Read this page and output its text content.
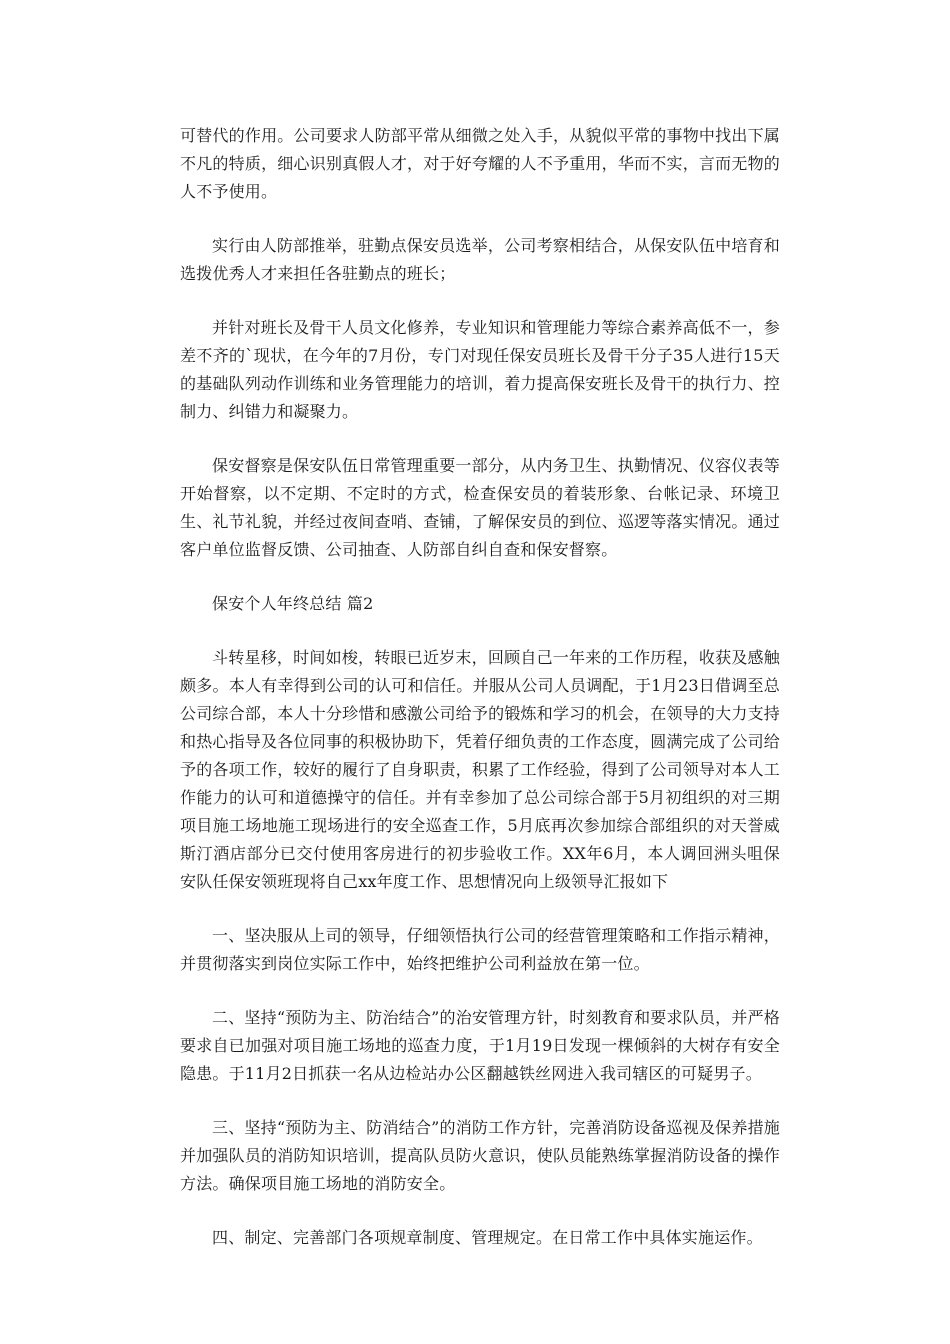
可替代的作用。公司要求人防部平常从细微之处入手，从貌似平常的事物中找出下属不凡的特质，细心识别真假人才，对于好夸耀的人不予重用，华而不实，言而无物的人不予使用。

实行由人防部推举，驻勤点保安员选举，公司考察相结合，从保安队伍中培育和选拨优秀人才来担任各驻勤点的班长；

并针对班长及骨干人员文化修养，专业知识和管理能力等综合素养高低不一，参差不齐的`现状，在今年的7月份，专门对现任保安员班长及骨干分子35人进行15天的基础队列动作训练和业务管理能力的培训，着力提高保安班长及骨干的执行力、控制力、纠错力和凝聚力。

保安督察是保安队伍日常管理重要一部分，从内务卫生、执勤情况、仪容仪表等开始督察，以不定期、不定时的方式，检查保安员的着装形象、台帐记录、环境卫生、礼节礼貌，并经过夜间查哨、查铺，了解保安员的到位、巡逻等落实情况。通过客户单位监督反馈、公司抽查、人防部自纠自查和保安督察。

保安个人年终总结 篇2

斗转星移，时间如梭，转眼已近岁末，回顾自己一年来的工作历程，收获及感触颇多。本人有幸得到公司的认可和信任。并服从公司人员调配，于1月23日借调至总公司综合部，本人十分珍惜和感激公司给予的锻炼和学习的机会，在领导的大力支持和热心指导及各位同事的积极协助下，凭着仔细负责的工作态度，圆满完成了公司给予的各项工作，较好的履行了自身职责，积累了工作经验，得到了公司领导对本人工作能力的认可和道德操守的信任。并有幸参加了总公司综合部于5月初组织的对三期项目施工场地施工现场进行的安全巡查工作，5月底再次参加综合部组织的对天誉威斯汀酒店部分已交付使用客房进行的初步验收工作。XX年6月，本人调回洲头咀保安队任保安领班现将自己xx年度工作、思想情况向上级领导汇报如下

一、坚决服从上司的领导，仔细领悟执行公司的经营管理策略和工作指示精神，并贯彻落实到岗位实际工作中，始终把维护公司利益放在第一位。

二、坚持“预防为主、防治结合”的治安管理方针，时刻教育和要求队员，并严格要求自已加强对项目施工场地的巡查力度，于1月19日发现一棵倾斜的大树存有安全隐患。于11月2日抓获一名从边检站办公区翻越铁丝网进入我司辖区的可疑男子。

三、坚持“预防为主、防消结合”的消防工作方针，完善消防设备巡视及保养措施并加强队员的消防知识培训，提高队员防火意识，使队员能熟练掌握消防设备的操作方法。确保项目施工场地的消防安全。

四、制定、完善部门各项规章制度、管理规定。在日常工作中具体实施运作。
